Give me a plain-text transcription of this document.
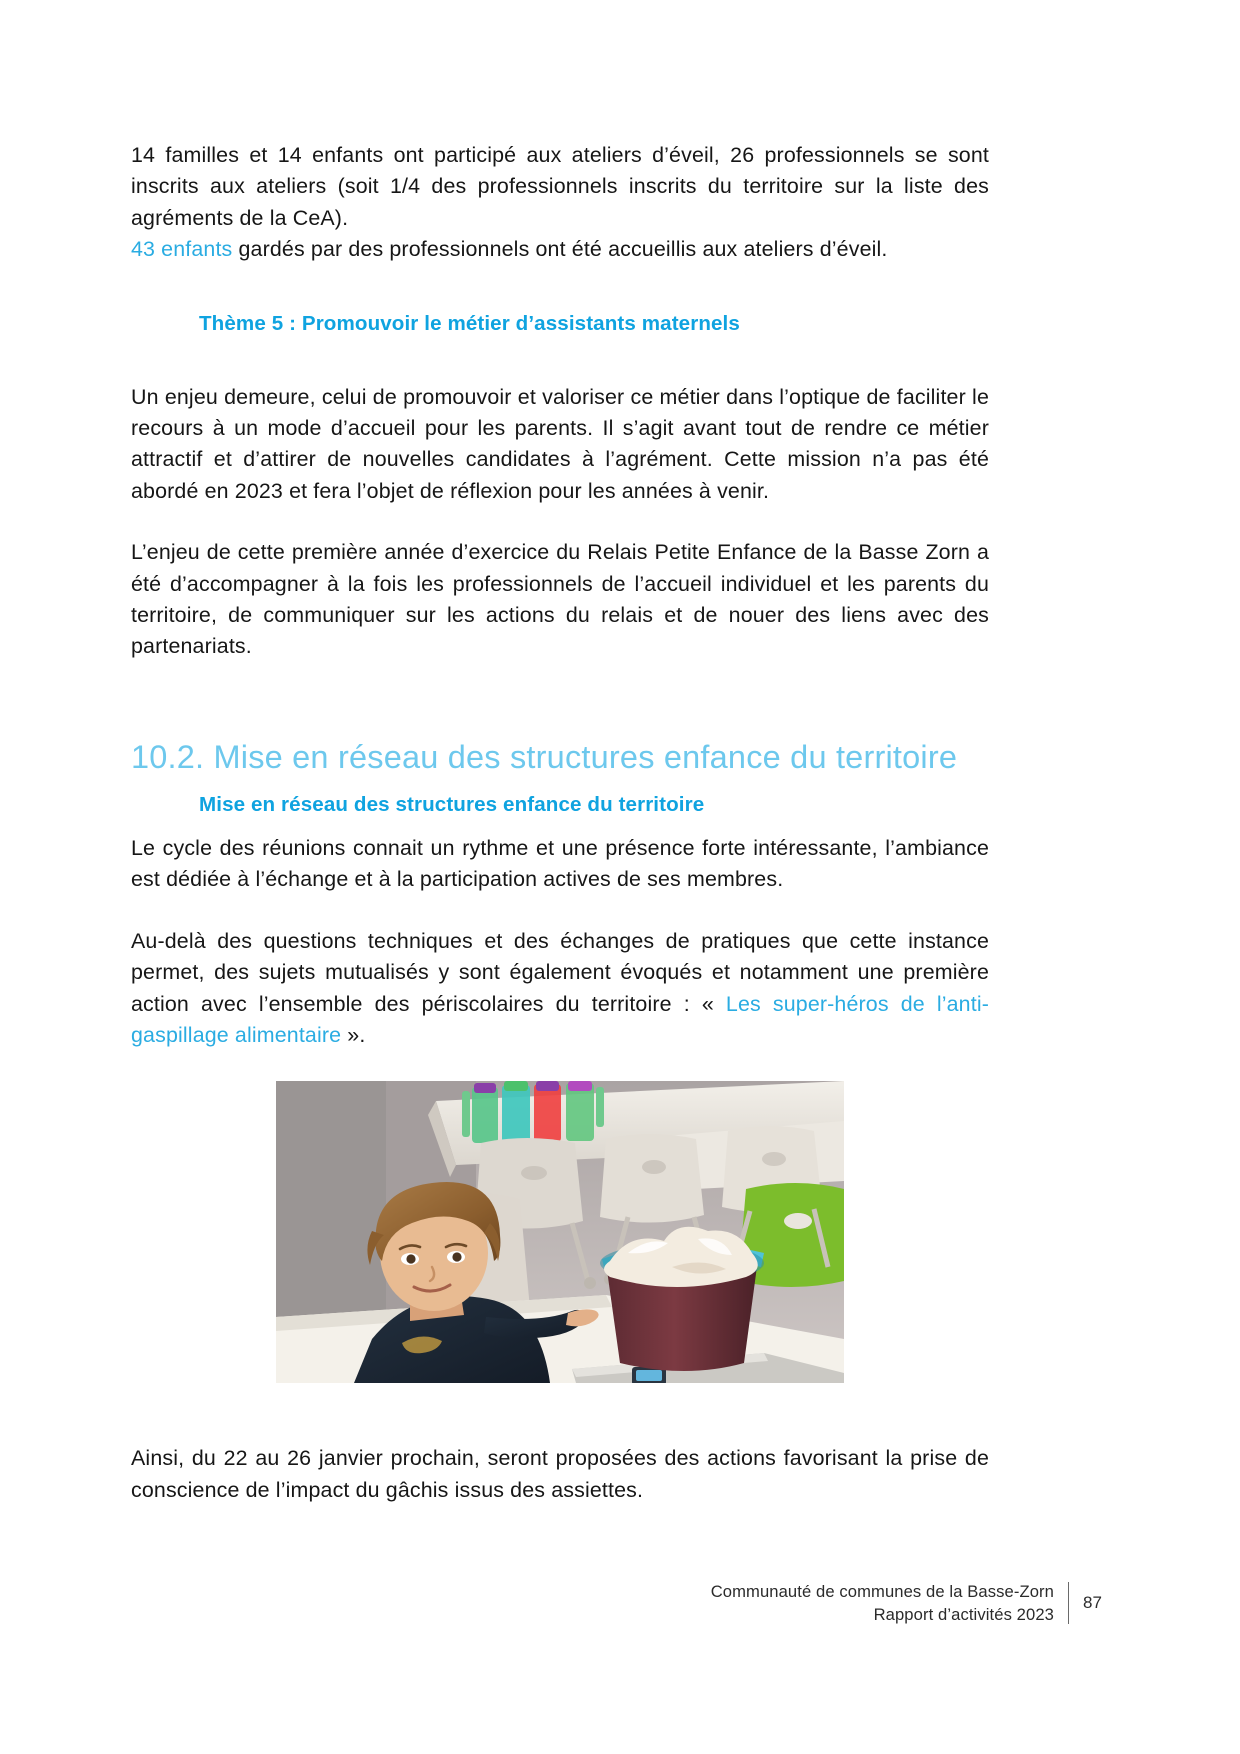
14 familles et 14 enfants ont participé aux ateliers d’éveil, 26 professionnels se sont inscrits aux ateliers (soit 1/4 des professionnels inscrits du territoire sur la liste des agréments de la CeA).

43 enfants gardés par des professionnels ont été accueillis aux ateliers d’éveil.

Thème 5 : Promouvoir le métier d’assistants maternels

Un enjeu demeure, celui de promouvoir et valoriser ce métier dans l’optique de faciliter le recours à un mode d’accueil pour les parents. Il s’agit avant tout de rendre ce métier attractif et d’attirer de nouvelles candidates à l’agrément. Cette mission n’a pas été abordé en 2023 et fera l’objet de réflexion pour les années à venir.

L’enjeu de cette première année d’exercice du Relais Petite Enfance de la Basse Zorn a été d’accompagner à la fois les professionnels de l’accueil individuel et les parents du territoire, de communiquer sur les actions du relais et de nouer des liens avec des partenariats.

10.2. Mise en réseau des structures enfance du territoire

Mise en réseau des structures enfance du territoire

Le cycle des réunions connait un rythme et une présence forte intéressante, l’ambiance est dédiée à l’échange et à la participation actives de ses membres.

Au-delà des questions techniques et des échanges de pratiques que cette instance permet, des sujets mutualisés y sont également évoqués et notamment une première action avec l’ensemble des périscolaires du territoire : « Les super-héros de l’anti-gaspillage alimentaire ».

Ainsi, du 22 au 26 janvier prochain, seront proposées des actions favorisant la prise de conscience de l’impact du gâchis issus des assiettes.

Communauté de communes de la Basse-Zorn
Rapport d’activités 2023
87
